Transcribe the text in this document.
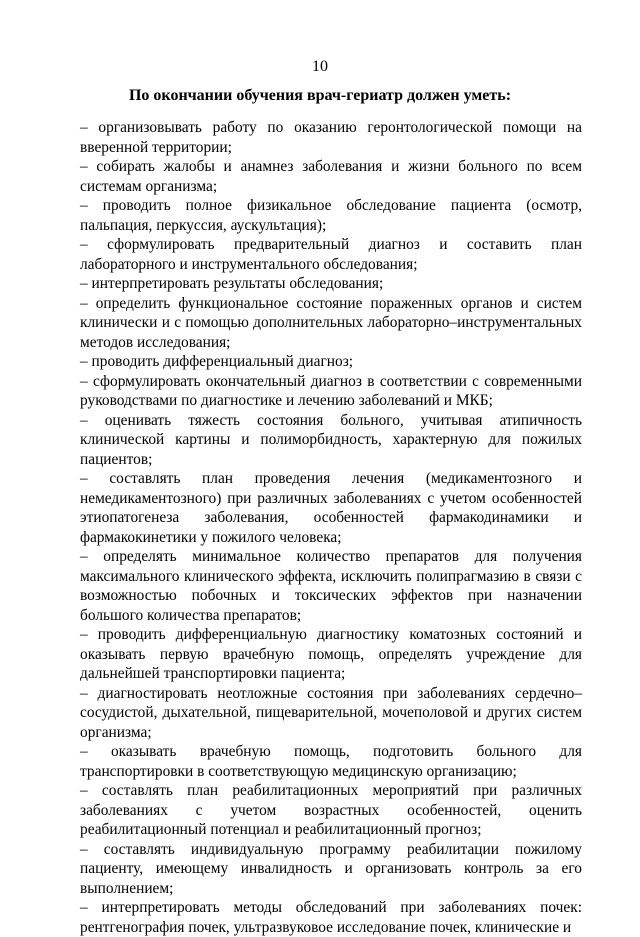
10
По окончании обучения врач-гериатр должен уметь:
– организовывать работу по оказанию геронтологической помощи на вверенной территории;
– собирать жалобы и анамнез заболевания и жизни больного по всем системам организма;
– проводить полное физикальное обследование пациента (осмотр, пальпация, перкуссия, аускультация);
– сформулировать предварительный диагноз и составить план лабораторного и инструментального обследования;
– интерпретировать результаты обследования;
– определить функциональное состояние пораженных органов и систем клинически и с помощью дополнительных лабораторно–инструментальных методов исследования;
– проводить дифференциальный диагноз;
– сформулировать окончательный диагноз в соответствии с современными руководствами по диагностике и лечению заболеваний и МКБ;
– оценивать тяжесть состояния больного, учитывая атипичность клинической картины и полиморбидность, характерную для пожилых пациентов;
– составлять план проведения лечения (медикаментозного и немедикаментозного) при различных заболеваниях с учетом особенностей этиопатогенеза заболевания, особенностей фармакодинамики и фармакокинетики у пожилого человека;
– определять минимальное количество препаратов для получения максимального клинического эффекта, исключить полипрагмазию в связи с возможностью побочных и токсических эффектов при назначении большого количества препаратов;
– проводить дифференциальную диагностику коматозных состояний и оказывать первую врачебную помощь, определять учреждение для дальнейшей транспортировки пациента;
– диагностировать неотложные состояния при заболеваниях сердечно–сосудистой, дыхательной, пищеварительной, мочеполовой и других систем организма;
– оказывать врачебную помощь, подготовить больного для транспортировки в соответствующую медицинскую организацию;
– составлять план реабилитационных мероприятий при различных заболеваниях с учетом возрастных особенностей, оценить реабилитационный потенциал и реабилитационный прогноз;
– составлять индивидуальную программу реабилитации пожилому пациенту, имеющему инвалидность и организовать контроль за его выполнением;
– интерпретировать методы обследований при заболеваниях почек: рентгенография почек, ультразвуковое исследование почек, клинические и
